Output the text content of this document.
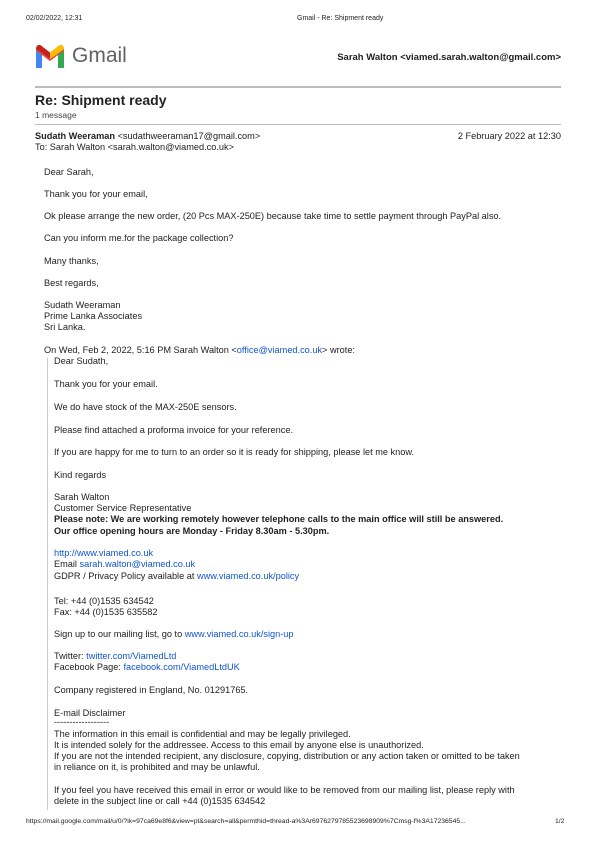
02/02/2022, 12:31	Gmail - Re: Shipment ready
Gmail	Sarah Walton <viamed.sarah.walton@gmail.com>
Re: Shipment ready
1 message
Sudath Weeraman <sudathweeraman17@gmail.com>	2 February 2022 at 12:30
To: Sarah Walton <sarah.walton@viamed.co.uk>
Dear Sarah,
Thank you for your email,
Ok please arrange the new order, (20 Pcs MAX-250E) because take time to settle payment through PayPal also.
Can you inform me.for the package collection?
Many thanks,
Best regards,
Sudath Weeraman
Prime Lanka Associates
Sri Lanka.
On Wed, Feb 2, 2022, 5:16 PM Sarah Walton <office@viamed.co.uk> wrote:
Dear Sudath,
Thank you for your email.
We do have stock of the MAX-250E sensors.
Please find attached a proforma invoice for your reference.
If you are happy for me to turn to an order so it is ready for shipping, please let me know.
Kind regards
Sarah Walton
Customer Service Representative
Please note: We are working remotely however telephone calls to the main office will still be answered.
Our office opening hours are Monday - Friday 8.30am - 5.30pm.
http://www.viamed.co.uk
Email sarah.walton@viamed.co.uk
GDPR / Privacy Policy available at www.viamed.co.uk/policy
Tel: +44 (0)1535 634542
Fax: +44 (0)1535 635582
Sign up to our mailing list, go to www.viamed.co.uk/sign-up
Twitter: twitter.com/ViamedLtd
Facebook Page: facebook.com/ViamedLtdUK
Company registered in England, No. 01291765.
E-mail Disclaimer
------------------
The information in this email is confidential and may be legally privileged.
It is intended solely for the addressee. Access to this email by anyone else is unauthorized.
If you are not the intended recipient, any disclosure, copying, distribution or any action taken or omitted to be taken
in reliance on it, is prohibited and may be unlawful.
If you feel you have received this email in error or would like to be removed from our mailing list, please reply with
delete in the subject line or call +44 (0)1535 634542
https://mail.google.com/mail/u/0/?ik=97ca69e8f6&view=pt&search=all&permthid=thread-a%3Ar6976279785523698909%7Cmsg-f%3A17236545...	1/2
